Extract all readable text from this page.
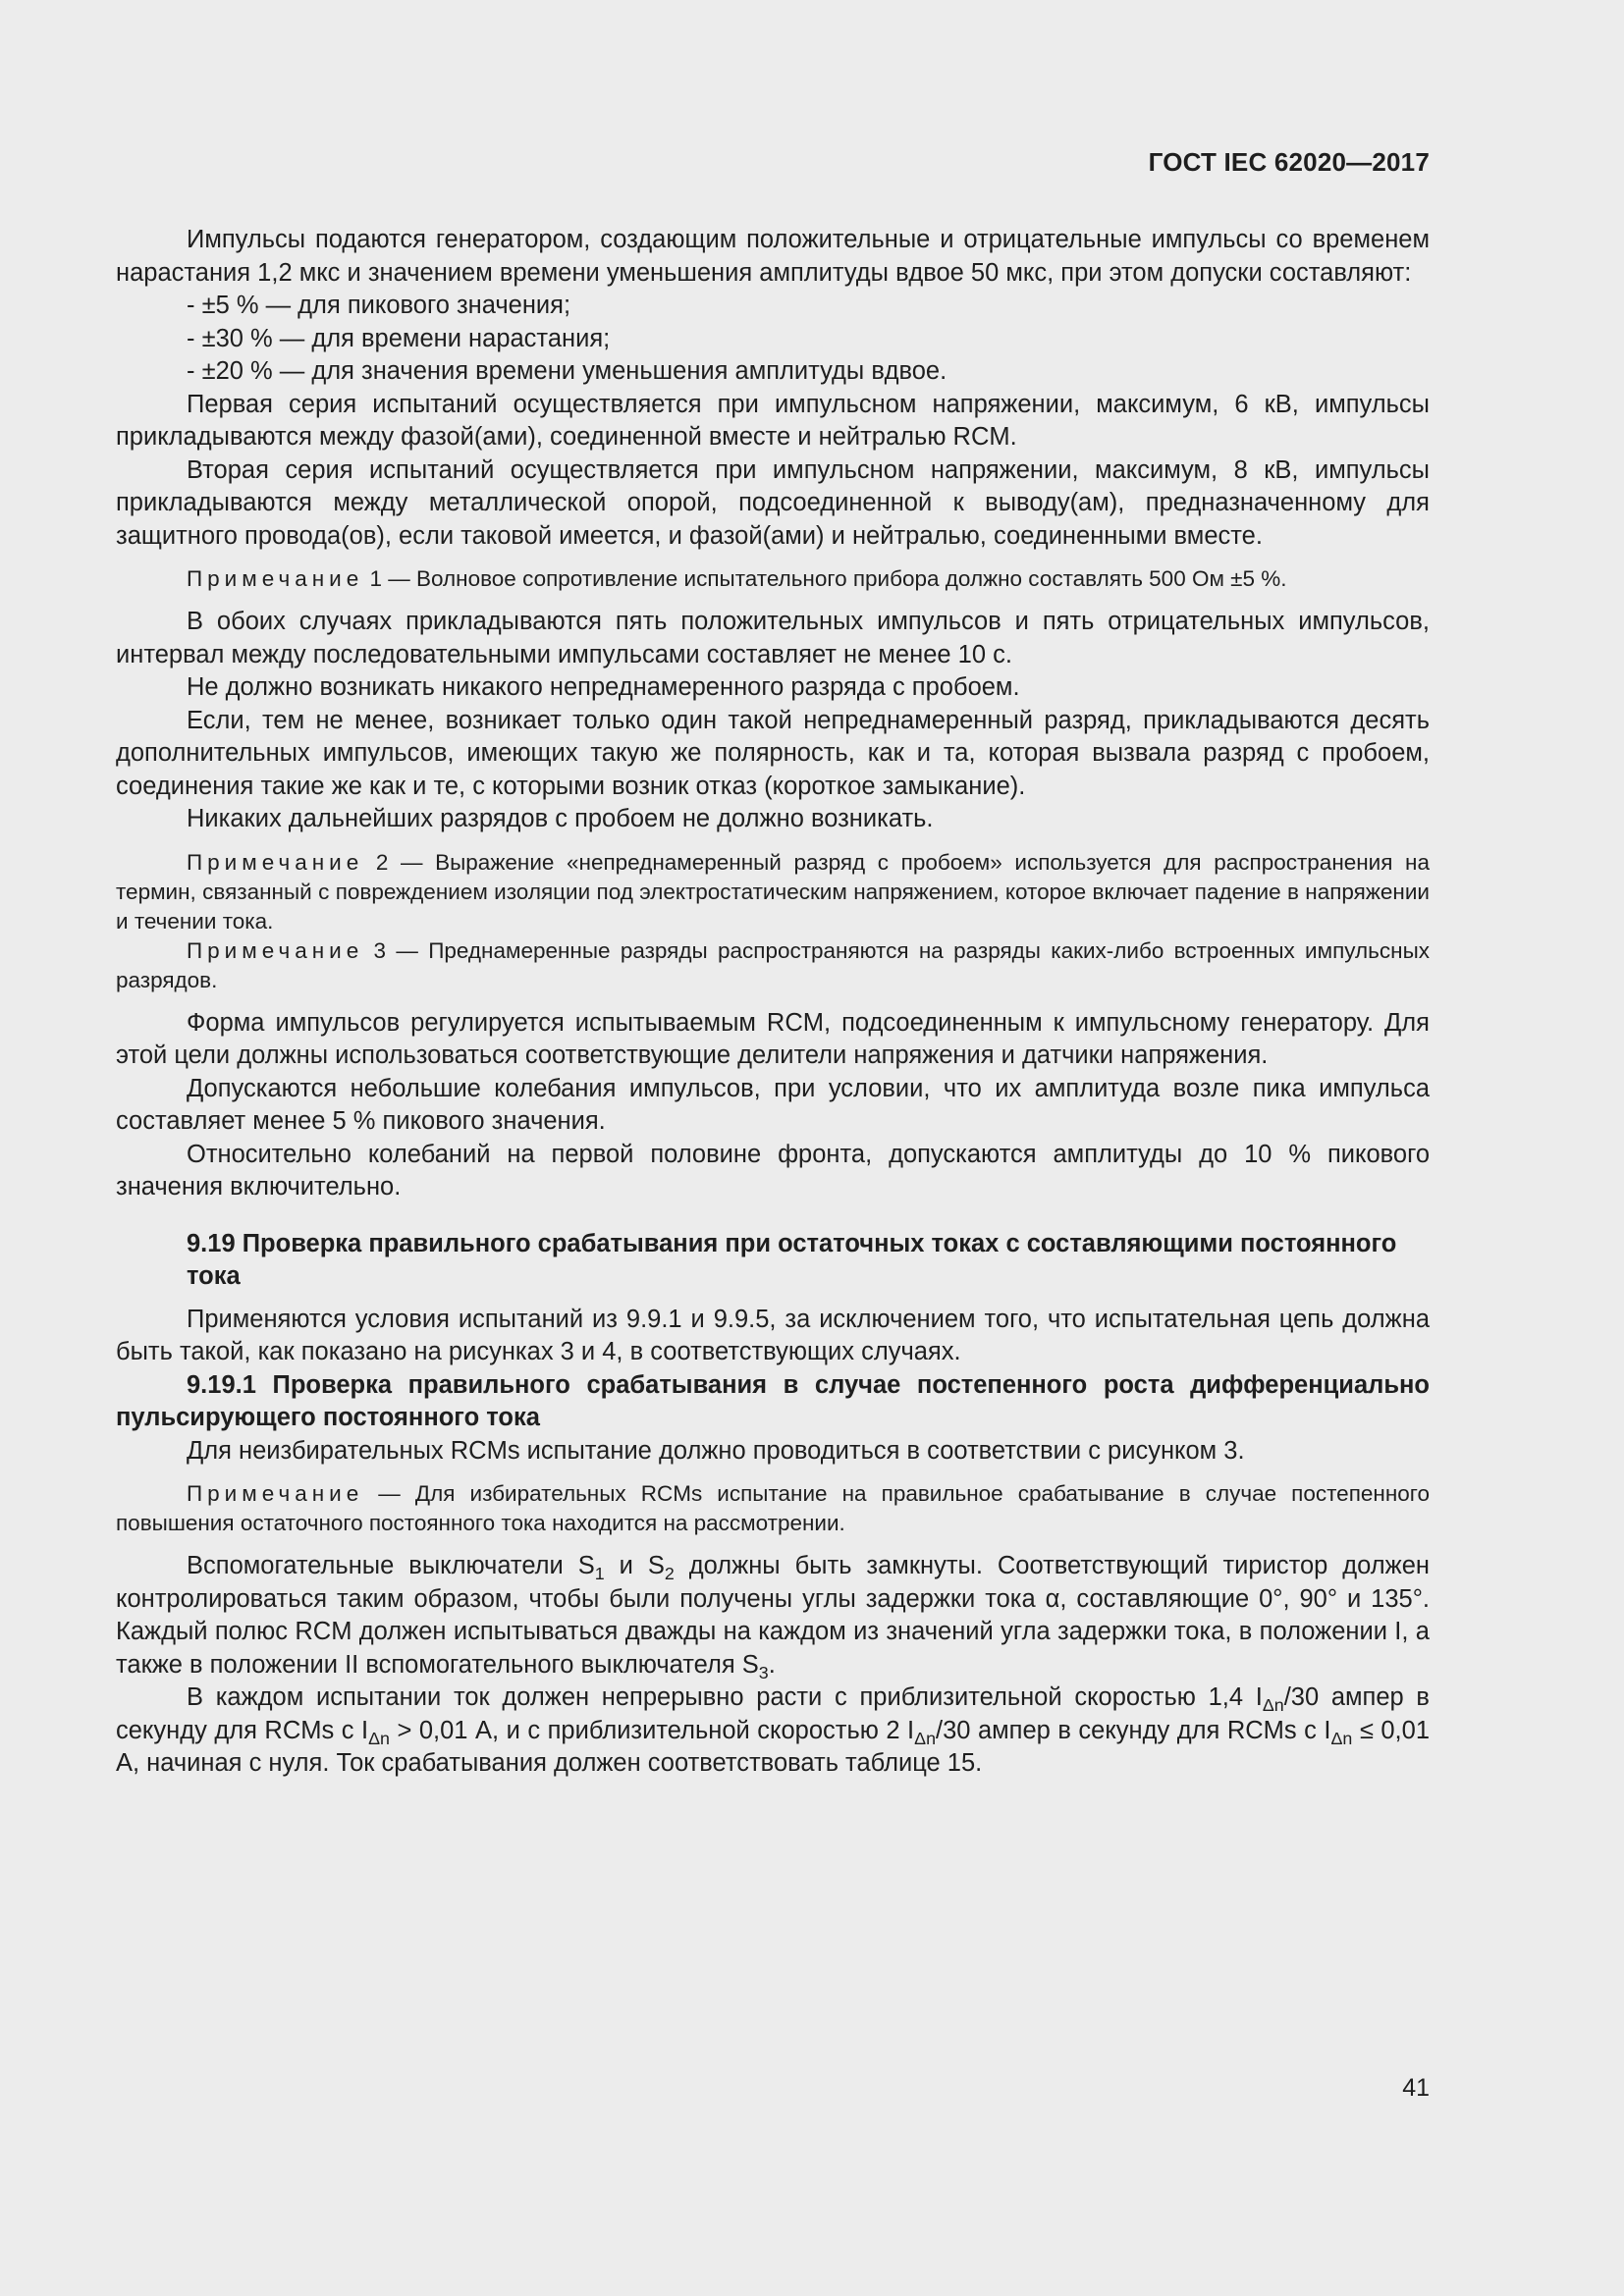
ГОСТ IEC 62020—2017

Импульсы подаются генератором, создающим положительные и отрицательные импульсы со временем нарастания 1,2 мкс и значением времени уменьшения амплитуды вдвое 50 мкс, при этом допуски составляют:

- ±5 % — для пикового значения;

- ±30 % — для времени нарастания;

- ±20 % — для значения времени уменьшения амплитуды вдвое.

Первая серия испытаний осуществляется при импульсном напряжении, максимум, 6 кВ, импульсы прикладываются между фазой(ами), соединенной вместе и нейтралью RCM.

Вторая серия испытаний осуществляется при импульсном напряжении, максимум, 8 кВ, импульсы прикладываются между металлической опорой, подсоединенной к выводу(ам), предназначенному для защитного провода(ов), если таковой имеется, и фазой(ами) и нейтралью, соединенными вместе.

Примечание 1 — Волновое сопротивление испытательного прибора должно составлять 500 Ом ±5 %.

В обоих случаях прикладываются пять положительных импульсов и пять отрицательных импульсов, интервал между последовательными импульсами составляет не менее 10 с.

Не должно возникать никакого непреднамеренного разряда с пробоем.

Если, тем не менее, возникает только один такой непреднамеренный разряд, прикладываются десять дополнительных импульсов, имеющих такую же полярность, как и та, которая вызвала разряд с пробоем, соединения такие же как и те, с которыми возник отказ (короткое замыкание).

Никаких дальнейших разрядов с пробоем не должно возникать.

Примечание 2 — Выражение «непреднамеренный разряд с пробоем» используется для распространения на термин, связанный с повреждением изоляции под электростатическим напряжением, которое включает падение в напряжении и течении тока.

Примечание 3 — Преднамеренные разряды распространяются на разряды каких-либо встроенных импульсных разрядов.

Форма импульсов регулируется испытываемым RCM, подсоединенным к импульсному генератору. Для этой цели должны использоваться соответствующие делители напряжения и датчики напряжения.

Допускаются небольшие колебания импульсов, при условии, что их амплитуда возле пика импульса составляет менее 5 % пикового значения.

Относительно колебаний на первой половине фронта, допускаются амплитуды до 10 % пикового значения включительно.

9.19 Проверка правильного срабатывания при остаточных токах с составляющими постоянного тока

Применяются условия испытаний из 9.9.1 и 9.9.5, за исключением того, что испытательная цепь должна быть такой, как показано на рисунках 3 и 4, в соответствующих случаях.

9.19.1 Проверка правильного срабатывания в случае постепенного роста дифференциально пульсирующего постоянного тока

Для неизбирательных RCMs испытание должно проводиться в соответствии с рисунком 3.

Примечание — Для избирательных RCMs испытание на правильное срабатывание в случае постепенного повышения остаточного постоянного тока находится на рассмотрении.

Вспомогательные выключатели $S_1$ и $S_2$ должны быть замкнуты. Соответствующий тиристор должен контролироваться таким образом, чтобы были получены углы задержки тока α, составляющие 0°, 90° и 135°. Каждый полюс RCM должен испытываться дважды на каждом из значений угла задержки тока, в положении I, а также в положении II вспомогательного выключателя $S_3$.

В каждом испытании ток должен непрерывно расти с приблизительной скоростью 1,4 $I_{\Delta n}/30$ ампер в секунду для RCMs с $I_{\Delta n} > 0,01$ А, и с приблизительной скоростью 2 $I_{\Delta n}/30$ ампер в секунду для RCMs с $I_{\Delta n} \le 0,01$ А, начиная с нуля. Ток срабатывания должен соответствовать таблице 15.

41
